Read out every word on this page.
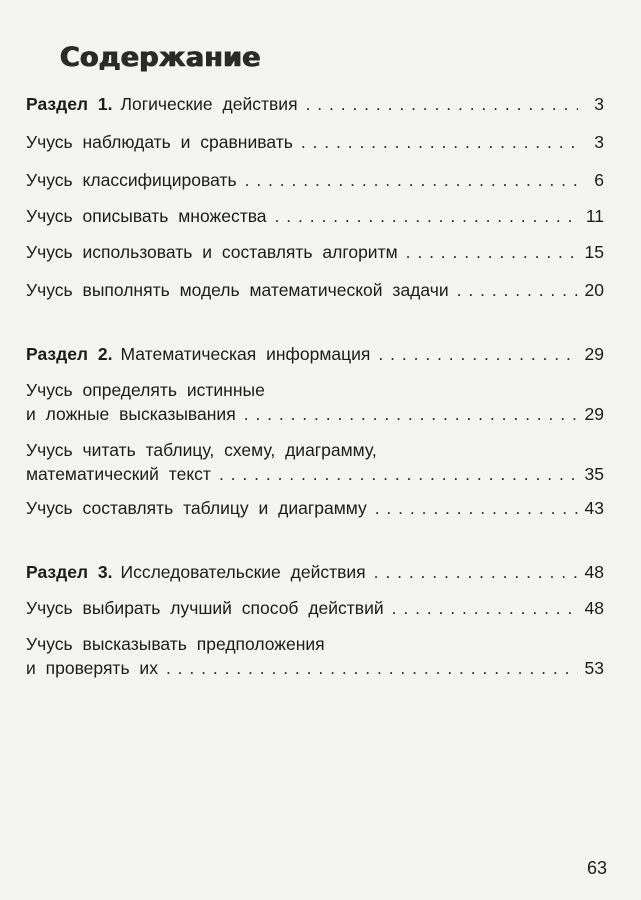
Содержание
Раздел 1. Логические действия . . .	3
Учусь наблюдать и сравнивать . . .	3
Учусь классифицировать . . .	6
Учусь описывать множества . . .	11
Учусь использовать и составлять алгоритм . . .	15
Учусь выполнять модель математической задачи . . .	20
Раздел 2. Математическая информация . . .	29
Учусь определять истинные
и ложные высказывания . . .	29
Учусь читать таблицу, схему, диаграмму,
математический текст . . .	35
Учусь составлять таблицу и диаграмму . . .	43
Раздел 3. Исследовательские действия . . .	48
Учусь выбирать лучший способ действий . . .	48
Учусь высказывать предположения
и проверять их . . .	53
63
